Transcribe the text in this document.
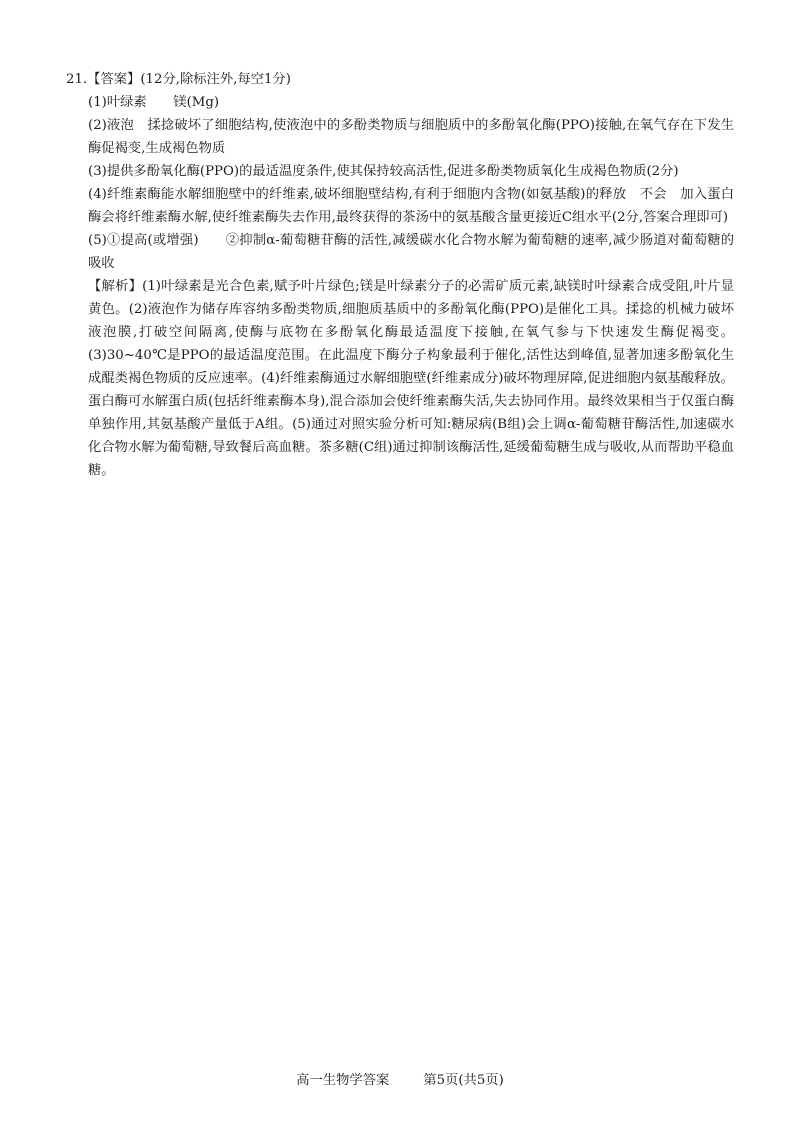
21.【答案】(12分,除标注外,每空1分)
(1)叶绿素　　镁(Mg)
(2)液泡　揉捻破坏了细胞结构,使液泡中的多酚类物质与细胞质中的多酚氧化酶(PPO)接触,在氧气存在下发生酶促褐变,生成褐色物质
(3)提供多酚氧化酶(PPO)的最适温度条件,使其保持较高活性,促进多酚类物质氧化生成褐色物质(2分)
(4)纤维素酶能水解细胞壁中的纤维素,破坏细胞壁结构,有利于细胞内含物(如氨基酸)的释放　不会　加入蛋白酶会将纤维素酶水解,使纤维素酶失去作用,最终获得的茶汤中的氨基酸含量更接近C组水平(2分,答案合理即可)
(5)①提高(或增强)　　②抑制α-葡萄糖苷酶的活性,减缓碳水化合物水解为葡萄糖的速率,减少肠道对葡萄糖的吸收
【解析】(1)叶绿素是光合色素,赋予叶片绿色;镁是叶绿素分子的必需矿质元素,缺镁时叶绿素合成受阻,叶片显黄色。(2)液泡作为储存库容纳多酚类物质,细胞质基质中的多酚氧化酶(PPO)是催化工具。揉捻的机械力破坏液泡膜,打破空间隔离,使酶与底物在多酚氧化酶最适温度下接触,在氧气参与下快速发生酶促褐变。(3)30~40℃是PPO的最适温度范围。在此温度下酶分子构象最利于催化,活性达到峰值,显著加速多酚氧化生成醌类褐色物质的反应速率。(4)纤维素酶通过水解细胞壁(纤维素成分)破坏物理屏障,促进细胞内氨基酸释放。蛋白酶可水解蛋白质(包括纤维素酶本身),混合添加会使纤维素酶失活,失去协同作用。最终效果相当于仅蛋白酶单独作用,其氨基酸产量低于A组。(5)通过对照实验分析可知:糖尿病(B组)会上调α-葡萄糖苷酶活性,加速碳水化合物水解为葡萄糖,导致餐后高血糖。茶多糖(C组)通过抑制该酶活性,延缓葡萄糖生成与吸收,从而帮助平稳血糖。
高一生物学答案	第5页(共5页)
